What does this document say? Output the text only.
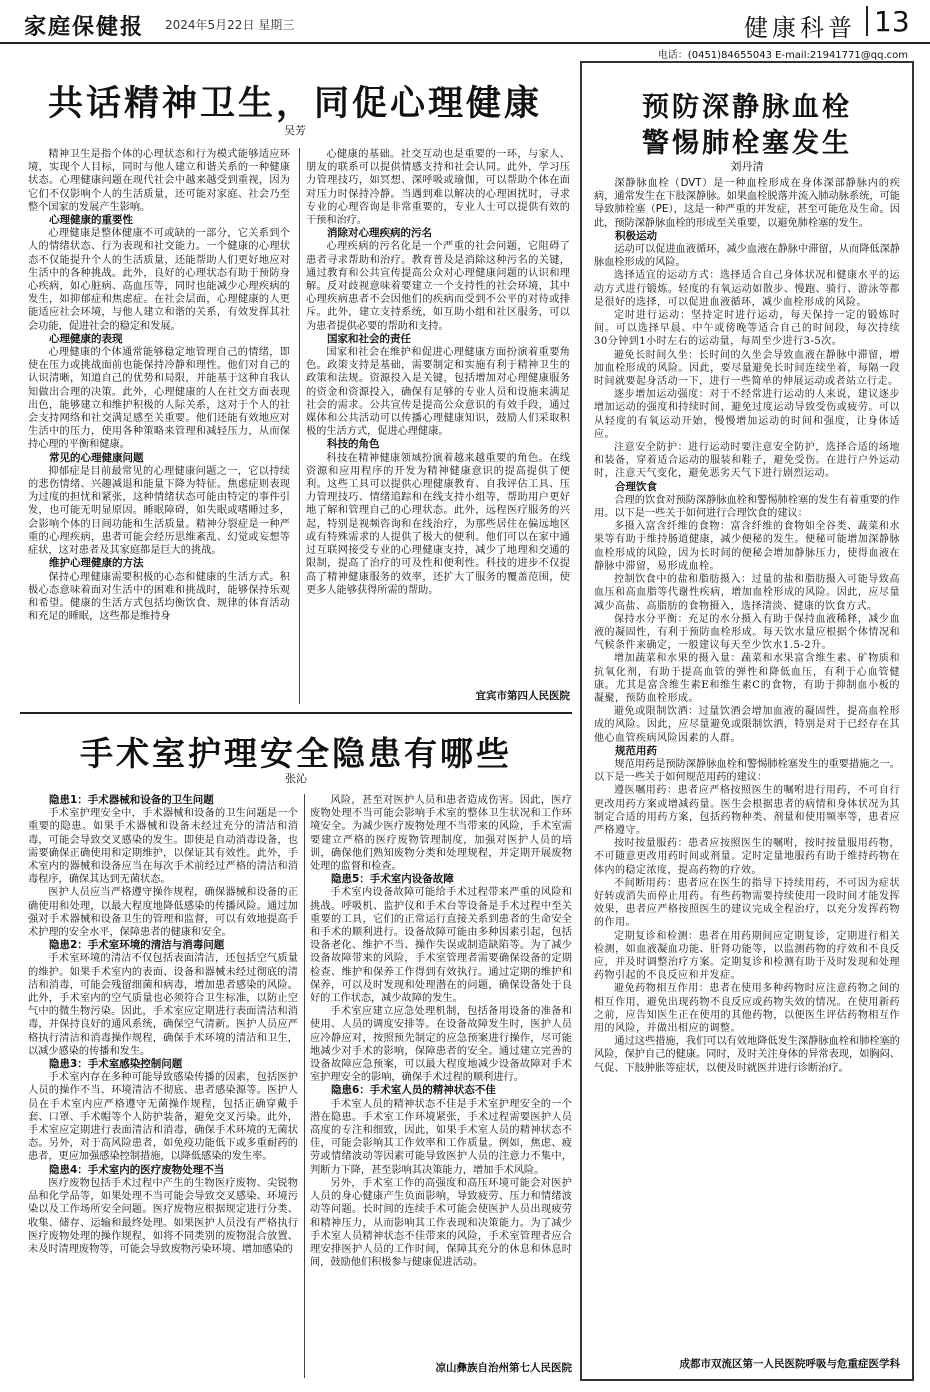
家庭保健报 2024年5月22日 星期三	健康科普 13
电话：(0451)84655043 E-mail:21941771@qq.com
共话精神卫生，同促心理健康
吴芳

精神卫生是指个体的心理状态和行为模式能够适应环境，实现个人目标，同时与他人建立和谐关系的一种健康状态。心理健康问题在现代社会中越来越受到重视，因为它们不仅影响个人的生活质量，还可能对家庭、社会乃至整个国家的发展产生影响。

心理健康的重要性

心理健康是整体健康不可或缺的一部分，它关系到个人的情绪状态、行为表现和社交能力。一个健康的心理状态不仅能提升个人的生活质量，还能帮助人们更好地应对生活中的各种挑战。此外，良好的心理状态有助于预防身心疾病，如心脏病、高血压等，同时也能减少心理疾病的发生，如抑郁症和焦虑症。在社会层面，心理健康的人更能适应社会环境，与他人建立和谐的关系，有效发挥其社会功能，促进社会的稳定和发展。

心理健康的表现

心理健康的个体通常能够稳定地管理自己的情绪，即使在压力或挑战面前也能保持冷静和理性。他们对自己的认识清晰，知道自己的优势和局限，并能基于这种自我认知做出合理的决策。此外，心理健康的人在社交方面表现出色，能够建立和维护积极的人际关系，这对于个人的社会支持网络和社交满足感至关重要。他们还能有效地应对生活中的压力，使用各种策略来管理和减轻压力，从而保持心理的平衡和健康。

常见的心理健康问题

抑郁症是目前最常见的心理健康问题之一，它以持续的悲伤情绪、兴趣减退和能量下降为特征。焦虑症则表现为过度的担忧和紧张，这种情绪状态可能由特定的事件引发，也可能无明显原因。睡眠障碍，如失眠或嗜睡过多，会影响个体的日间功能和生活质量。精神分裂症是一种严重的心理疾病，患者可能会经历思维紊乱、幻觉或妄想等症状，这对患者及其家庭都是巨大的挑战。

维护心理健康的方法

保持心理健康需要积极的心态和健康的生活方式。积极心态意味着面对生活中的困难和挑战时，能够保持乐观和希望。健康的生活方式包括均衡饮食、规律的体育活动和充足的睡眠，这些都是维持身

心健康的基础。社交互动也是重要的一环，与家人、朋友的联系可以提供情感支持和社会认同。此外，学习压力管理技巧，如冥想、深呼吸或瑜伽，可以帮助个体在面对压力时保持冷静。当遇到难以解决的心理困扰时，寻求专业的心理咨询是非常重要的，专业人士可以提供有效的干预和治疗。

消除对心理疾病的污名

心理疾病的污名化是一个严重的社会问题，它阻碍了患者寻求帮助和治疗。教育普及是消除这种污名的关键，通过教育和公共宣传提高公众对心理健康问题的认识和理解。反对歧视意味着要建立一个支持性的社会环境，其中心理疾病患者不会因他们的疾病而受到不公平的对待或排斥。此外，建立支持系统，如互助小组和社区服务，可以为患者提供必要的帮助和支持。

国家和社会的责任

国家和社会在维护和促进心理健康方面扮演着重要角色。政策支持是基础，需要制定和实施有利于精神卫生的政策和法规。资源投入是关键，包括增加对心理健康服务的资金和资源投入，确保有足够的专业人员和设施来满足社会的需求。公共宣传是提高公众意识的有效手段，通过媒体和公共活动可以传播心理健康知识，鼓励人们采取积极的生活方式，促进心理健康。

科技的角色

科技在精神健康领域扮演着越来越重要的角色。在线资源和应用程序的开发为精神健康意识的提高提供了便利。这些工具可以提供心理健康教育、自我评估工具、压力管理技巧、情绪追踪和在线支持小组等，帮助用户更好地了解和管理自己的心理状态。此外，远程医疗服务的兴起，特别是视频咨询和在线治疗，为那些居住在偏远地区或有特殊需求的人提供了极大的便利。他们可以在家中通过互联网接受专业的心理健康支持，减少了地理和交通的限制，提高了治疗的可及性和便利性。科技的进步不仅提高了精神健康服务的效率，还扩大了服务的覆盖范围，使更多人能够获得所需的帮助。

宜宾市第四人民医院
手术室护理安全隐患有哪些
张沁
隐患1：手术器械和设备的卫生问题

手术室护理安全中，手术器械和设备的卫生问题是一个重要的隐患。如果手术器械和设备未经过充分的清洁和消毒，可能会导致交叉感染的发生。即使是自动消毒设备，也需要确保正确使用和定期维护，以保证其有效性。此外，手术室内的器械和设备应当在每次手术前经过严格的清洁和消毒程序，确保其达到无菌状态。

医护人员应当严格遵守操作规程，确保器械和设备的正确使用和处理，以最大程度地降低感染的传播风险。通过加强对手术器械和设备卫生的管理和监督，可以有效地提高手术护理的安全水平，保障患者的健康和安全。

隐患2：手术室环境的清洁与消毒问题

手术室环境的清洁不仅包括表面清洁，还包括空气质量的维护。如果手术室内的表面、设备和器械未经过彻底的清洁和消毒，可能会残留细菌和病毒，增加患者感染的风险。此外，手术室内的空气质量也必须符合卫生标准，以防止空气中的微生物污染。因此，手术室应定期进行表面清洁和消毒，并保持良好的通风系统，确保空气清新。医护人员应严格执行清洁和消毒操作规程，确保手术环境的清洁和卫生，以减少感染的传播和发生。

隐患3：手术室感染控制问题

手术室内存在多种可能导致感染传播的因素，包括医护人员的操作不当、环境清洁不彻底、患者感染源等。医护人员在手术室内应严格遵守无菌操作规程，包括正确穿戴手套、口罩、手术帽等个人防护装备，避免交叉污染。此外，手术室应定期进行表面清洁和消毒，确保手术环境的无菌状态。另外，对于高风险患者，如免疫功能低下或多重耐药的患者，更应加强感染控制措施，以降低感染的发生率。

隐患4：手术室内的医疗废物处理不当

医疗废物包括手术过程中产生的生物医疗废物、尖锐物品和化学品等，如果处理不当可能会导致交叉感染、环境污染以及工作场所安全问题。医疗废物应根据规定进行分类、收集、储存、运输和最终处理。如果医护人员没有严格执行医疗废物处理的操作规程，如将不同类别的废物混合放置、未及时清理废物等，可能会导致废物污染环境、增加感染的

风险，甚至对医护人员和患者造成伤害。因此，医疗废物处理不当可能会影响手术室的整体卫生状况和工作环境安全。为减少医疗废物处理不当带来的风险，手术室需要建立严格的医疗废物管理制度，加强对医护人员的培训，确保他们熟知废物分类和处理规程，并定期开展废物处理的监督和检查。

隐患5：手术室内设备故障

手术室内设备故障可能给手术过程带来严重的风险和挑战。呼吸机、监护仪和手术台等设备是手术过程中至关重要的工具，它们的正常运行直接关系到患者的生命安全和手术的顺利进行。设备故障可能由多种因素引起，包括设备老化、维护不当、操作失误或制造缺陷等。为了减少设备故障带来的风险，手术室管理者需要确保设备的定期检查、维护和保养工作得到有效执行。通过定期的维护和保养，可以及时发现和处理潜在的问题，确保设备处于良好的工作状态，减少故障的发生。

手术室应建立应急处理机制，包括备用设备的准备和使用、人员的调度安排等。在设备故障发生时，医护人员应冷静应对，按照预先制定的应急预案进行操作，尽可能地减少对手术的影响，保障患者的安全。通过建立完善的设备故障应急预案，可以最大程度地减少设备故障对手术室护理安全的影响，确保手术过程的顺利进行。

隐患6：手术室人员的精神状态不佳

手术室人员的精神状态不佳是手术室护理安全的一个潜在隐患。手术室工作环境紧张，手术过程需要医护人员高度的专注和细致，因此，如果手术室人员的精神状态不佳，可能会影响其工作效率和工作质量。例如，焦虑、疲劳或情绪波动等因素可能导致医护人员的注意力不集中，判断力下降，甚至影响其决策能力，增加手术风险。

另外，手术室工作的高强度和高压环境可能会对医护人员的身心健康产生负面影响，导致疲劳、压力和情绪波动等问题。长时间的连续手术可能会使医护人员出现疲劳和精神压力，从而影响其工作表现和决策能力。为了减少手术室人员精神状态不佳带来的风险，手术室管理者应合理安排医护人员的工作时间，保障其充分的休息和休息时间，鼓励他们积极参与健康促进活动。

凉山彝族自治州第七人民医院
预防深静脉血栓
警惕肺栓塞发生
刘丹清

深静脉血栓（DVT）是一种血栓形成在身体深部静脉内的疾病，通常发生在下肢深静脉。如果血栓脱落并流入肺动脉系统，可能导致肺栓塞（PE），这是一种严重的并发症，甚至可能危及生命。因此，预防深静脉血栓的形成至关重要，以避免肺栓塞的发生。

积极运动

运动可以促进血液循环，减少血液在静脉中滞留，从而降低深静脉血栓形成的风险。

选择适宜的运动方式：选择适合自己身体状况和健康水平的运动方式进行锻炼。轻度的有氧运动如散步、慢跑、骑行、游泳等都是很好的选择，可以促进血液循环，减少血栓形成的风险。

定时进行运动：坚持定时进行运动，每天保持一定的锻炼时间。可以选择早晨、中午或傍晚等适合自己的时间段，每次持续30分钟到1小时左右的运动量，每周至少进行3-5次。

避免长时间久坐：长时间的久坐会导致血液在静脉中滞留，增加血栓形成的风险。因此，要尽量避免长时间连续坐着，每隔一段时间就要起身活动一下，进行一些简单的伸展运动或者站立行走。

逐步增加运动强度：对于不经常进行运动的人来说，建议逐步增加运动的强度和持续时间，避免过度运动导致受伤或疲劳。可以从轻度的有氧运动开始，慢慢增加运动的时间和强度，让身体适应。

注意安全防护：进行运动时要注意安全防护，选择合适的场地和装备，穿着适合运动的服装和鞋子，避免受伤。在进行户外运动时，注意天气变化，避免恶劣天气下进行剧烈运动。

合理饮食

合理的饮食对预防深静脉血栓和警惕肺栓塞的发生有着重要的作用。以下是一些关于如何进行合理饮食的建议：

多摄入富含纤维的食物：富含纤维的食物如全谷类、蔬菜和水果等有助于维持肠道健康，减少便秘的发生。便秘可能增加深静脉血栓形成的风险，因为长时间的便秘会增加静脉压力，使得血液在静脉中滞留，易形成血栓。

控制饮食中的盐和脂肪摄入：过量的盐和脂肪摄入可能导致高血压和高血脂等代谢性疾病，增加血栓形成的风险。因此，应尽量减少高盐、高脂肪的食物摄入，选择清淡、健康的饮食方式。

保持水分平衡：充足的水分摄入有助于保持血液稀释，减少血液的凝固性，有利于预防血栓形成。每天饮水量应根据个体情况和气候条件来确定，一般建议每天至少饮水1.5-2升。

增加蔬菜和水果的摄入量：蔬菜和水果富含维生素、矿物质和抗氧化剂，有助于提高血管的弹性和降低血压，有利于心血管健康。尤其是富含维生素E和维生素C的食物，有助于抑制血小板的凝聚，预防血栓形成。

避免或限制饮酒：过量饮酒会增加血液的凝固性，提高血栓形成的风险。因此，应尽量避免或限制饮酒，特别是对于已经存在其他心血管疾病风险因素的人群。

规范用药

规范用药是预防深静脉血栓和警惕肺栓塞发生的重要措施之一。以下是一些关于如何规范用药的建议：

遵医嘱用药：患者应严格按照医生的嘱咐进行用药，不可自行更改用药方案或增减药量。医生会根据患者的病情和身体状况为其制定合适的用药方案，包括药物种类、剂量和使用频率等，患者应严格遵守。

按时按量服药：患者应按照医生的嘱咐，按时按量服用药物，不可随意更改用药时间或剂量。定时定量地服药有助于维持药物在体内的稳定浓度，提高药物的疗效。

不间断用药：患者应在医生的指导下持续用药，不可因为症状好转或消失而停止用药。有些药物需要持续使用一段时间才能发挥效果，患者应严格按照医生的建议完成全程治疗，以充分发挥药物的作用。

定期复诊和检测：患者在用药期间应定期复诊，定期进行相关检测，如血液凝血功能、肝肾功能等，以监测药物的疗效和不良反应，并及时调整治疗方案。定期复诊和检测有助于及时发现和处理药物引起的不良反应和并发症。

避免药物相互作用：患者在使用多种药物时应注意药物之间的相互作用，避免出现药物不良反应或药物失效的情况。在使用新药之前，应告知医生正在使用的其他药物，以便医生评估药物相互作用的风险，并做出相应的调整。

通过这些措施，我们可以有效地降低发生深静脉血栓和肺栓塞的风险，保护自己的健康。同时，及时关注身体的异常表现，如胸闷、气促、下肢肿胀等症状，以便及时就医并进行诊断治疗。

成都市双流区第一人民医院呼吸与危重症医学科
